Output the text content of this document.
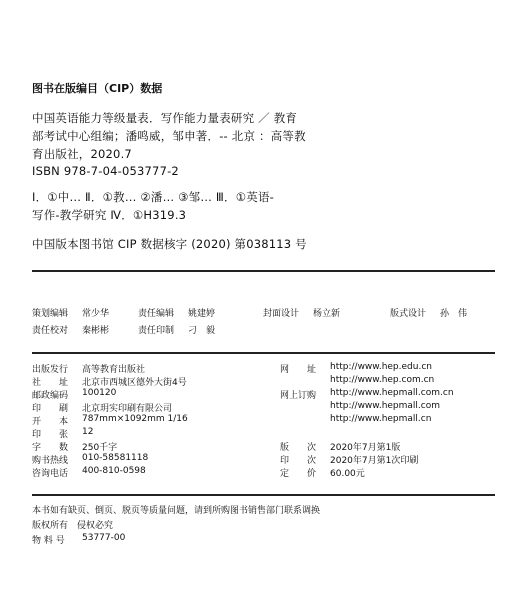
图书在版编目（CIP）数据
中国英语能力等级量表．写作能力量表研究 ／ 教育
部考试中心组编；潘鸣威，邹申著．-- 北京 ：高等教
育出版社，2020.7
ISBN 978-7-04-053777-2
Ⅰ．①中… Ⅱ．①教… ②潘… ③邹… Ⅲ．①英语-
写作-教学研究 Ⅳ．①H319.3
中国版本图书馆 CIP 数据核字 (2020) 第038113 号
策划编辑 常少华	责任编辑 姚建婷	封面设计 杨立新	版式设计 孙　伟
责任校对 秦彬彬	责任印制 刁　毅
出版发行 高等教育出版社
社　　址 北京市西城区德外大街4号
邮政编码 100120
印　　刷 北京玥实印刷有限公司
开　　本 787mm×1092mm 1/16
印　　张 12
字　　数 250千字
购书热线 010-58581118
咨询电话 400-810-0598
网　　址 http://www.hep.edu.cn
http://www.hep.com.cn
网上订购 http://www.hepmall.com.cn
http://www.hepmall.com
http://www.hepmall.cn
版　　次 2020年7月第1版
印　　次 2020年7月第1次印刷
定　　价 60.00元
本书如有缺页、倒页、脱页等质量问题，请到所购图书销售部门联系调换
版权所有　侵权必究
物 料 号 53777-00
